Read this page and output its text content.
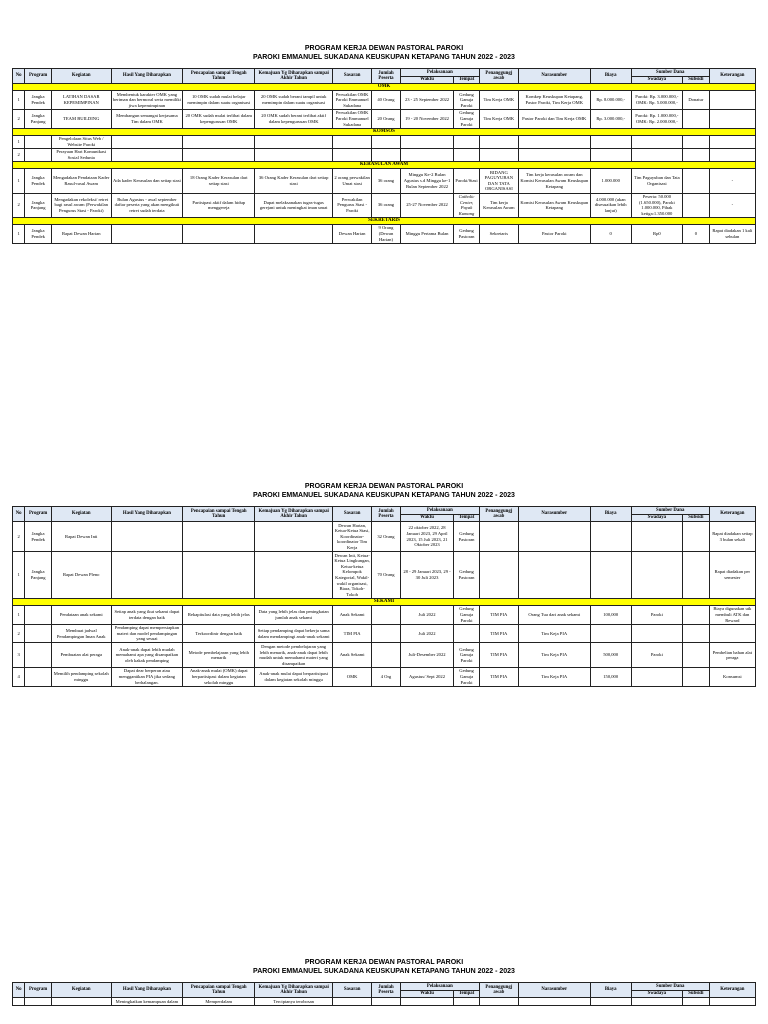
PROGRAM KERJA DEWAN PASTORAL PAROKI
PAROKI EMMANUEL SUKADANA KEUSKUPAN KETAPANG TAHUN 2022 - 2023
No	Program	Kegiatan	Hasil Yang Diharapkan	Pencapaian sampai Tengah Tahun	Kemajuan Yg Diharapkan sampai Akhir Tahun	Sasaran	Jumlah Peserta	Pelaksanaan		Penanggungj awab	Narasumber	Biaya	Sumber Dana		Keterangan
								Waktu	Tempat				Swadaya	Subsidi	
OMK															
1	Jangka Pendek	LATIHAN DASAR KEPEMIMPINAN	Membentuk karakter OMK yang beriman dan bermoral serta memiliki jiwa kepemimpinan	10 OMK sudah mulai belajar memimpin dalam suatu organisasi	20 OMK sudah berani tampil untuk memimpin dalam suatu organisasi	Perwakilan OMK Paroki Emmanuel Sukadana	40 Orang	23 - 25 September 2022	Gedung Ganuja Paroki	Tim Kerja OMK	Komkep Keuskupan Ketapang, Pastor Paroki, Tim Kerja OMK	Rp. 8.000.000,-	Paroki: Rp. 3.000.000,- OMK: Rp. 5.000.000,-	Donatur	
2	Jangka Panjang	TEAM BUILDING	Membangun semangat kerjasama Tim dalam OMK	20 OMK sudah mulai terlibat dalam kepengurusan OMK	20 OMK sudah berani terlibat aktif dalam kepengurusan OMK	Perwakilan OMK Paroki Emmanuel Sukadana	20 Orang	19 - 20 November 2022	Gedung Ganuja Paroki	Tim Kerja OMK	Pastor Paroki dan Tim Kerja OMK	Rp. 3.000.000,-	Paroki: Rp. 1.000.000,- OMK: Rp. 2.000.000,-		
KOMSOS															
1		Pengelolaan Situs Web / Website Paroki													
2		Perayaan Hari Komunikasi Sosial Sedunia													
KERASULAN AWAM															
1	Jangka Pendek	Mengadakan Pendataan Kader Rasul-rasul Awam	Ada kader Kerasulan dan setiap stasi	18 Orang Kader Kerasulan dari setiap stasi	36 Orang Kader Kerasulan dari setiap stasi	2 orang perwakilan Umat stasi	36 orang	Minggu Ke-2 Bulan Agustus s.d Minggu ke-1 Bulan September 2022	Paroki/Stasi	BIDANG PAGUYUBAN DAN TATA ORGANISASI	Tim kerja kerasulan awam dan Komisi Kerasulan Awam Keuskupan Ketapang	1.000.000	Tim Paguyuban dan Tata Organisasi		-
2	Jangka Panjang	Mengadakan rekoleksi/ retret bagi rasul awam (Perwakilan Pengurus Stasi - Paroki)	Bulan Agustus - awal september daftar peserta yang akan mengikuti retret sudah terdata	Partisipasi aktif dalam hidup menggereja	Dapat melaksanakan tugas-tugas gerejani untuk meningkat iman umat	Perwakilan Pengurus Stasi - Paroki	36 orang	25-27 November 2022	Catholic Center, Payak Kumang	Tim kerja Kerasulan Awam	Komisi Kerasulan Awam Keuskupan Ketapang	4.000.000 (akan disesuaikan lebih lanjut)	Peserta: 50.000 (1.650.000), Paroki 1.000.000, Pihak ketiga:1.350.000		-
SEKRETARIS															
1	Jangka Pendek	Rapat Dewan Harian				Dewan Harian	9 Orang (Dewan Harian)	Minggu Pertama Bulan	Gedung Pastoran	Sekretaris	Pastor Paroki	0	Rp0	0	Rapat diadakan 1 kali sebulan
PROGRAM KERJA DEWAN PASTORAL PAROKI
PAROKI EMMANUEL SUKADANA KEUSKUPAN KETAPANG TAHUN 2022 - 2023
No	Program	Kegiatan	Hasil Yang Diharapkan	Pencapaian sampai Tengah Tahun	Kemajuan Yg Diharapkan sampai Akhir Tahun	Sasaran	Jumlah Peserta	Pelaksanaan		Penanggungj awab	Narasumber	Biaya	Sumber Dana		Keterangan
								Waktu	Tempat				Swadaya	Subsidi	
2	Jangka Pendek	Rapat Dewan Inti				Dewan Harian, Ketua-Ketua Stasi, Koordinator-koordinator Tim Kerja	32 Orang	22 oktober 2022, 28 Januari 2023, 29 April 2023, 15 Juli 2023, 21 Oktober 2023	Gedung Pastoran						Rapat diadakan setiap 3 bulan sekali
1	Jangka Panjang	Rapat Dewan Pleno				Dewan Inti, Ketua-Ketua Lingkungan, Ketua-ketua Kelompok Kategorial, Wakil-wakil organisasi, Biara, Tokoh-Tokoh	70 Orang	28 - 29 Januari 2023, 29 - 30 Juli 2023	Gedung Pastoran						Rapat diadakan per semester
SEKAMI															
1		Pendataan anak sekami	Setiap anak yang ikut sekami dapat terdata dengan baik	Rekapitulasi data yang lebih jelas	Data yang lebih jelas dan peningkatan jumlah anak sekami	Anak Sekami		Juli 2022	Gedung Ganuja Paroki	TIM PIA	Orang Tua dari anak sekami	100,000	Paroki		Biaya digunakan utk membuli ATK dan Reward
2		Membuat jadwal Pendampingan Iman Anak	Pendamping dapat mempersiapkan materi dan model pendampingan yang sesuai	Terkoordinir dengan baik	Setiap pendamping dapat bekerja sama dalam mendampingi anak-anak sekami	TIM PIA		Juli 2022		TIM PIA	Tim Keja PIA				
3		Pembuatan alat peraga	Anak-anak dapat lebih mudah memahami apa yang disampaikan oleh kakak pendamping	Metode pembelajaran yang lebih menarik	Dengan metode pembelajaran yang lebih menarik, anak-anak dapat lebih mudah untuk memahami materi yang disampaikan	Anak Sekami		Juli-Desember 2022	Gedung Ganuja Paroki	TIM PIA	Tim Keja PIA	500,000	Paroki		Pembelian bahan alat peraga
4		Memilih pendamping sekolah minggu	Dapat dear berperan atau menggantikan PIA jika sedang berhalangan.	Anak-anak mulai (OMK) dapat berpartisipasi dalam kegiatan sekolah minggu	Anak-anak mulai dapat berpartisipasi dalam kegiatan sekolah minggu	OMK	4 Org	Agustus/ Sept 2022	Gedung Ganuja Paroki	TIM PIA	Tim Keja PIA	150,000			Konsumsi
PROGRAM KERJA DEWAN PASTORAL PAROKI
PAROKI EMMANUEL SUKADANA KEUSKUPAN KETAPANG TAHUN 2022 - 2023
No	Program	Kegiatan	Hasil Yang Diharapkan	Pencapaian sampai Tengah Tahun	Kemajuan Yg Diharapkan sampai Akhir Tahun	Sasaran	Jumlah Peserta	Pelaksanaan		Penanggungj awab	Narasumber	Biaya	Sumber Dana		Keterangan
								Waktu	Tempat				Swadaya	Subsidi	
			Meningkatkan kemampuan dalam	Memperdalam	Terciptanya terobosan										
